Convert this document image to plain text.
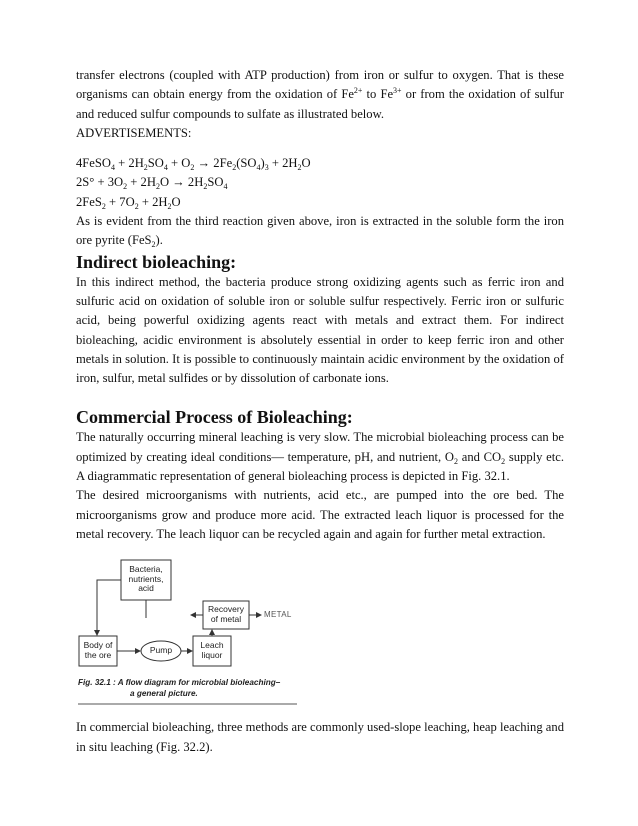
transfer electrons (coupled with ATP production) from iron or sulfur to oxygen. That is these organisms can obtain energy from the oxidation of $Fe^{2+}$ to $Fe^{3+}$ or from the oxidation of sulfur and reduced sulfur compounds to sulfate as illustrated below.

ADVERTISEMENTS:

4FeSO$_4$ + $2H_2SO_4 + O_2 \to 2Fe_2(SO_4)_3 + 2H_2O$
$2S^\circ + 3O_2 + 2H_2O \to 2H_2SO_4$
$2FeS_2 + 7O_2 + 2H_2O$

As is evident from the third reaction given above, iron is extracted in the soluble form the iron ore pyrite (FeS$_2$).

Indirect bioleaching:

In this indirect method, the bacteria produce strong oxidizing agents such as ferric iron and sulfuric acid on oxidation of soluble iron or soluble sulfur respectively. Ferric iron or sulfuric acid, being powerful oxidizing agents react with metals and extract them. For indirect bioleaching, acidic environment is absolutely essential in order to keep ferric iron and other metals in solution. It is possible to continuously maintain acidic environment by the oxidation of iron, sulfur, metal sulfides or by dissolution of carbonate ions.

Commercial Process of Bioleaching:

The naturally occurring mineral leaching is very slow. The microbial bioleaching process can be optimized by creating ideal conditions— temperature, pH, and nutrient, $O_2$ and $CO_2$ supply etc. A diagrammatic representation of general bioleaching process is depicted in Fig. 32.1.

The desired microorganisms with nutrients, acid etc., are pumped into the ore bed. The microorganisms grow and produce more acid. The extracted leach liquor is processed for the metal recovery. The leach liquor can be recycled again and again for further metal extraction.

Bacteria,
nutrients,
acid
Recovery
of metal	METAL
Body of
the ore	Pump	Leach
liquor
Fig. 32.1 : A flow diagram for microbial bioleaching–
a general picture.

In commercial bioleaching, three methods are commonly used-slope leaching, heap leaching and in situ leaching (Fig. 32.2).
